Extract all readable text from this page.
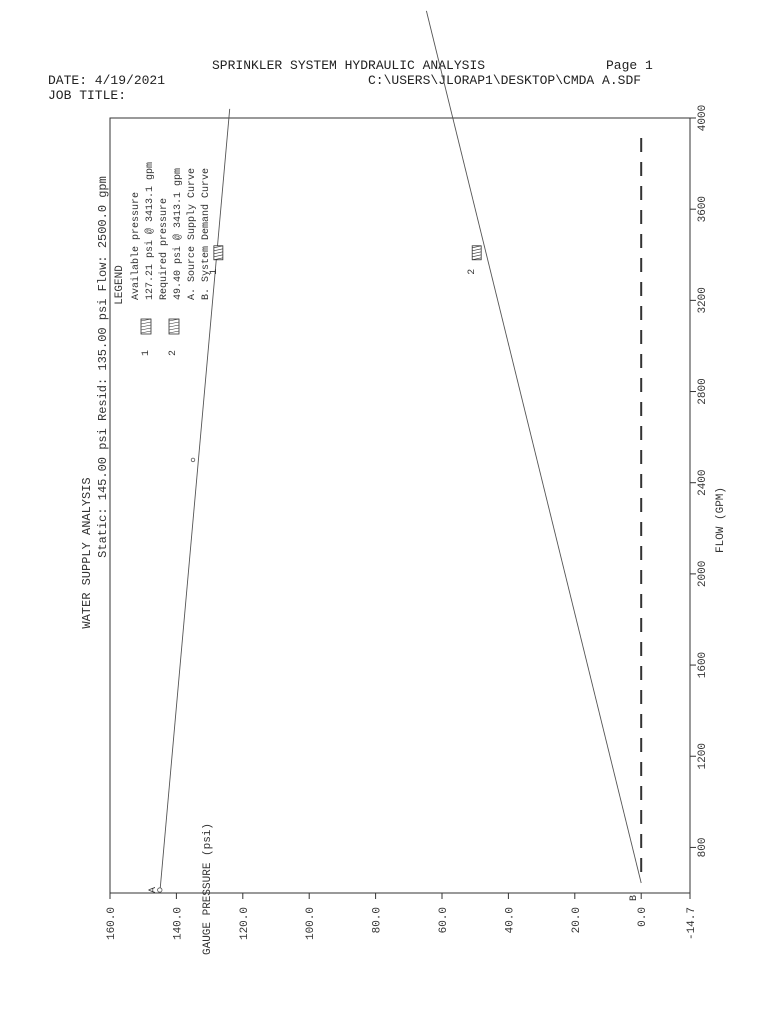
SPRINKLER SYSTEM HYDRAULIC ANALYSIS	Page 1
DATE: 4/19/2021	C:\USERS\JLORAP1\DESKTOP\CMDA A.SDF
JOB TITLE:
160.0	140.0	120.0	100.0	80.0	60.0	40.0	20.0	0.0	-14.7
800
1200
1600
2000
2400
2800
3200
3600
4000
FLOW (GPM)
GAUGE PRESSURE (psi)
WATER SUPPLY ANALYSIS Static: 145.00 psi Resid: 135.00 psi Flow: 2500.0 gpm LEGEND Available pressure 127.21 psi @ 3413.1 gpm Required pressure 49.40 psi @ 3413.1 gpm A. Source Supply Curve B. System Demand Curve
1 2
A
B
1	2
